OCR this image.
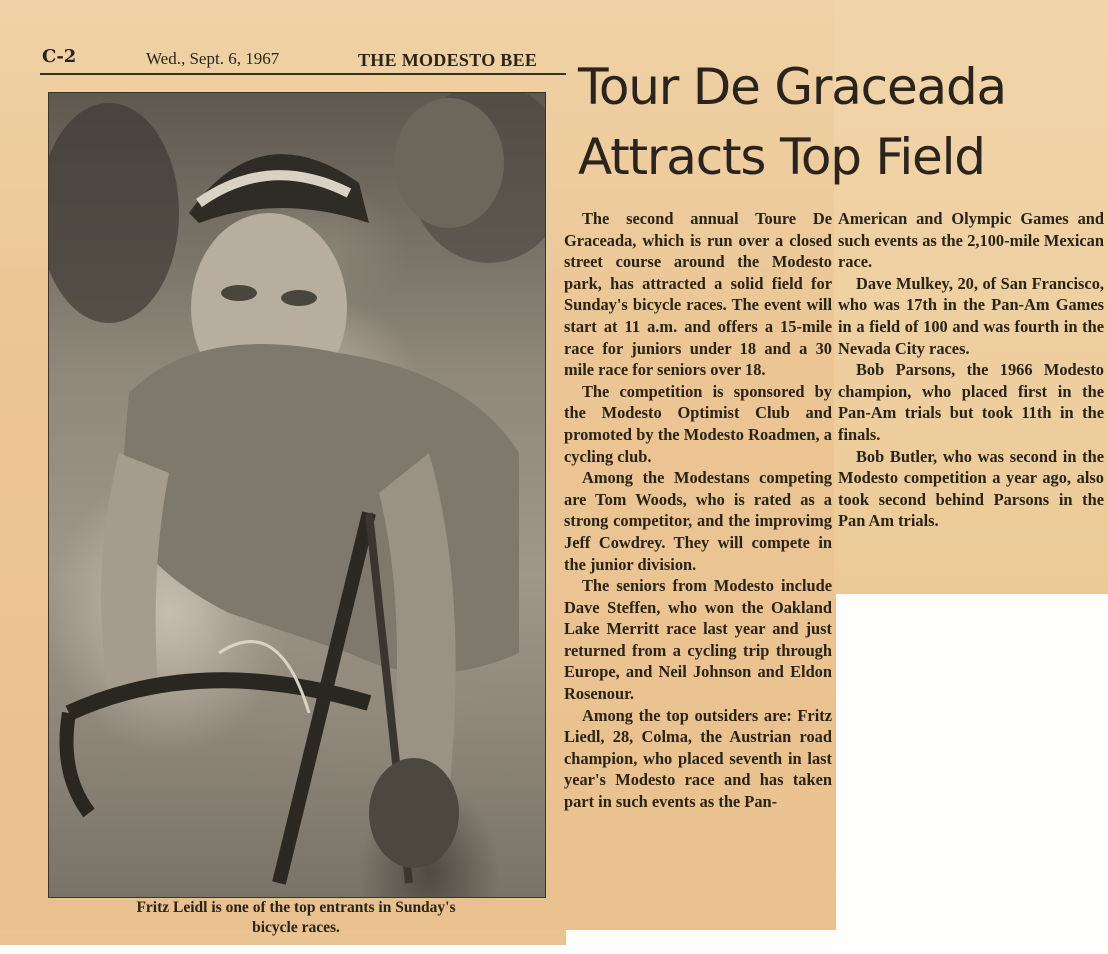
C-2	Wed., Sept. 6, 1967	THE MODESTO BEE
Fritz Leidl is one of the top entrants in Sunday's
bicycle races.
Tour De Graceada
Attracts Top Field

The second annual Toure De Graceada, which is run over a closed street course around the Modesto park, has attracted a solid field for Sunday's bicycle races. The event will start at 11 a.m. and offers a 15-mile race for juniors under 18 and a 30 mile race for seniors over 18.

The competition is sponsored by the Modesto Optimist Club and promoted by the Modesto Roadmen, a cycling club.

Among the Modestans competing are Tom Woods, who is rated as a strong competitor, and the improvimg Jeff Cowdrey. They will compete in the junior division.

The seniors from Modesto include Dave Steffen, who won the Oakland Lake Merritt race last year and just returned from a cycling trip through Europe, and Neil Johnson and Eldon Rosenour.

Among the top outsiders are: Fritz Liedl, 28, Colma, the Austrian road champion, who placed seventh in last year's Modesto race and has taken part in such events as the Pan-

American and Olympic Games and such events as the 2,100-mile Mexican race.

Dave Mulkey, 20, of San Francisco, who was 17th in the Pan-Am Games in a field of 100 and was fourth in the Nevada City races.

Bob Parsons, the 1966 Modesto champion, who placed first in the Pan-Am trials but took 11th in the finals.

Bob Butler, who was second in the Modesto competition a year ago, also took second behind Parsons in the Pan Am trials.
